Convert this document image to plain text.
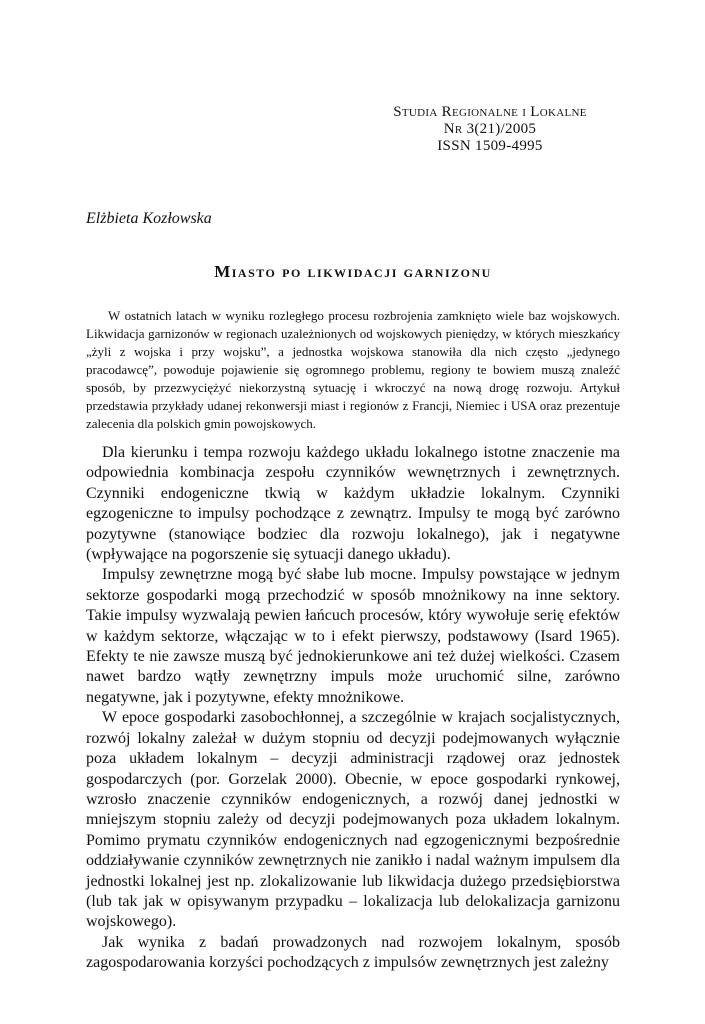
Studia Regionalne i Lokalne
Nr 3(21)/2005
ISSN 1509-4995
Elżbieta Kozłowska
Miasto po likwidacji garnizonu

W ostatnich latach w wyniku rozległego procesu rozbrojenia zamknięto wiele baz wojskowych. Likwidacja garnizonów w regionach uzależnionych od wojskowych pieniędzy, w których mieszkańcy „żyli z wojska i przy wojsku”, a jednostka wojskowa stanowiła dla nich często „jedynego pracodawcę”, powoduje pojawienie się ogromnego problemu, regiony te bowiem muszą znaleźć sposób, by przezwyciężyć niekorzystną sytuację i wkroczyć na nową drogę rozwoju. Artykuł przedstawia przykłady udanej rekonwersji miast i regionów z Francji, Niemiec i USA oraz prezentuje zalecenia dla polskich gmin powojskowych.

Dla kierunku i tempa rozwoju każdego układu lokalnego istotne znaczenie ma odpowiednia kombinacja zespołu czynników wewnętrznych i zewnętrznych. Czynniki endogeniczne tkwią w każdym układzie lokalnym. Czynniki egzogeniczne to impulsy pochodzące z zewnątrz. Impulsy te mogą być zarówno pozytywne (stanowiące bodziec dla rozwoju lokalnego), jak i negatywne (wpływające na pogorszenie się sytuacji danego układu).

Impulsy zewnętrzne mogą być słabe lub mocne. Impulsy powstające w jednym sektorze gospodarki mogą przechodzić w sposób mnożnikowy na inne sektory. Takie impulsy wyzwalają pewien łańcuch procesów, który wywołuje serię efektów w każdym sektorze, włączając w to i efekt pierwszy, podstawowy (Isard 1965). Efekty te nie zawsze muszą być jednokierunkowe ani też dużej wielkości. Czasem nawet bardzo wątły zewnętrzny impuls może uruchomić silne, zarówno negatywne, jak i pozytywne, efekty mnożnikowe.

W epoce gospodarki zasobochłonnej, a szczególnie w krajach socjalistycznych, rozwój lokalny zależał w dużym stopniu od decyzji podejmowanych wyłącznie poza układem lokalnym – decyzji administracji rządowej oraz jednostek gospodarczych (por. Gorzelak 2000). Obecnie, w epoce gospodarki rynkowej, wzrosło znaczenie czynników endogenicznych, a rozwój danej jednostki w mniejszym stopniu zależy od decyzji podejmowanych poza układem lokalnym. Pomimo prymatu czynników endogenicznych nad egzogenicznymi bezpośrednie oddziaływanie czynników zewnętrznych nie zanikło i nadal ważnym impulsem dla jednostki lokalnej jest np. zlokalizowanie lub likwidacja dużego przedsiębiorstwa (lub tak jak w opisywanym przypadku – lokalizacja lub delokalizacja garnizonu wojskowego).

Jak wynika z badań prowadzonych nad rozwojem lokalnym, sposób zagospodarowania korzyści pochodzących z impulsów zewnętrznych jest zależny
